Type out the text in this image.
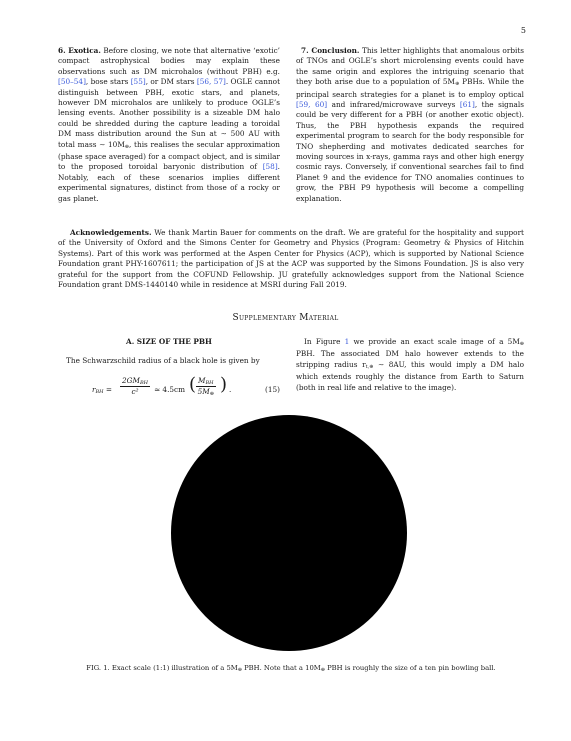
5

6. Exotica. Before closing, we note that alternative ‘exotic’ compact astrophysical bodies may explain these observations such as DM microhalos (without PBH) e.g. [50–54], bose stars [55], or DM stars [56, 57]. OGLE cannot distinguish between PBH, exotic stars, and planets, however DM microhalos are unlikely to produce OGLE’s lensing events. Another possibility is a sizeable DM halo could be shredded during the capture leading a toroidal DM mass distribution around the Sun at ∼ 500 AU with total mass ∼ $10M_\oplus$, this realises the secular approximation (phase space averaged) for a compact object, and is similar to the proposed toroidal baryonic distribution of [58]. Notably, each of these scenarios implies different experimental signatures, distinct from those of a rocky or gas planet.

7. Conclusion. This letter highlights that anomalous orbits of TNOs and OGLE’s short microlensing events could have the same origin and explores the intriguing scenario that they both arise due to a population of $5M_\oplus$ PBHs. While the principal search strategies for a planet is to employ optical [59, 60] and infrared/microwave surveys [61], the signals could be very different for a PBH (or another exotic object). Thus, the PBH hypothesis expands the required experimental program to search for the body responsible for TNO shepherding and motivates dedicated searches for moving sources in x-rays, gamma rays and other high energy cosmic rays. Conversely, if conventional searches fail to find Planet 9 and the evidence for TNO anomalies continues to grow, the PBH P9 hypothesis will become a compelling explanation.

Acknowledgements. We thank Martin Bauer for comments on the draft. We are grateful for the hospitality and support of the University of Oxford and the Simons Center for Geometry and Physics (Program: Geometry & Physics of Hitchin Systems). Part of this work was performed at the Aspen Center for Physics (ACP), which is supported by National Science Foundation grant PHY-1607611; the participation of JS at the ACP was supported by the Simons Foundation. JS is also very grateful for the support from the COFUND Fellowship. JU gratefully acknowledges support from the National Science Foundation grant DMS-1440140 while in residence at MSRI during Fall 2019.
Supplementary Material
A. SIZE OF THE PBH
The Schwarzschild radius of a black hole is given by
$r_{BH}$ =
$2GM_{BH}$
c²	≃ 4.5cm ( $M_{BH}$
$5M_\oplus$ ) .	(15)
In Figure 1 we provide an exact scale image of a $5M_\oplus$ PBH. The associated DM halo however extends to the stripping radius $r_{t,\oplus}$ ∼ 8AU, this would imply a DM halo which extends roughly the distance from Earth to Saturn (both in real life and relative to the image).
FIG. 1. Exact scale (1:1) illustration of a $5M_\oplus$ PBH. Note that a $10M_\oplus$ PBH is roughly the size of a ten pin bowling ball.
